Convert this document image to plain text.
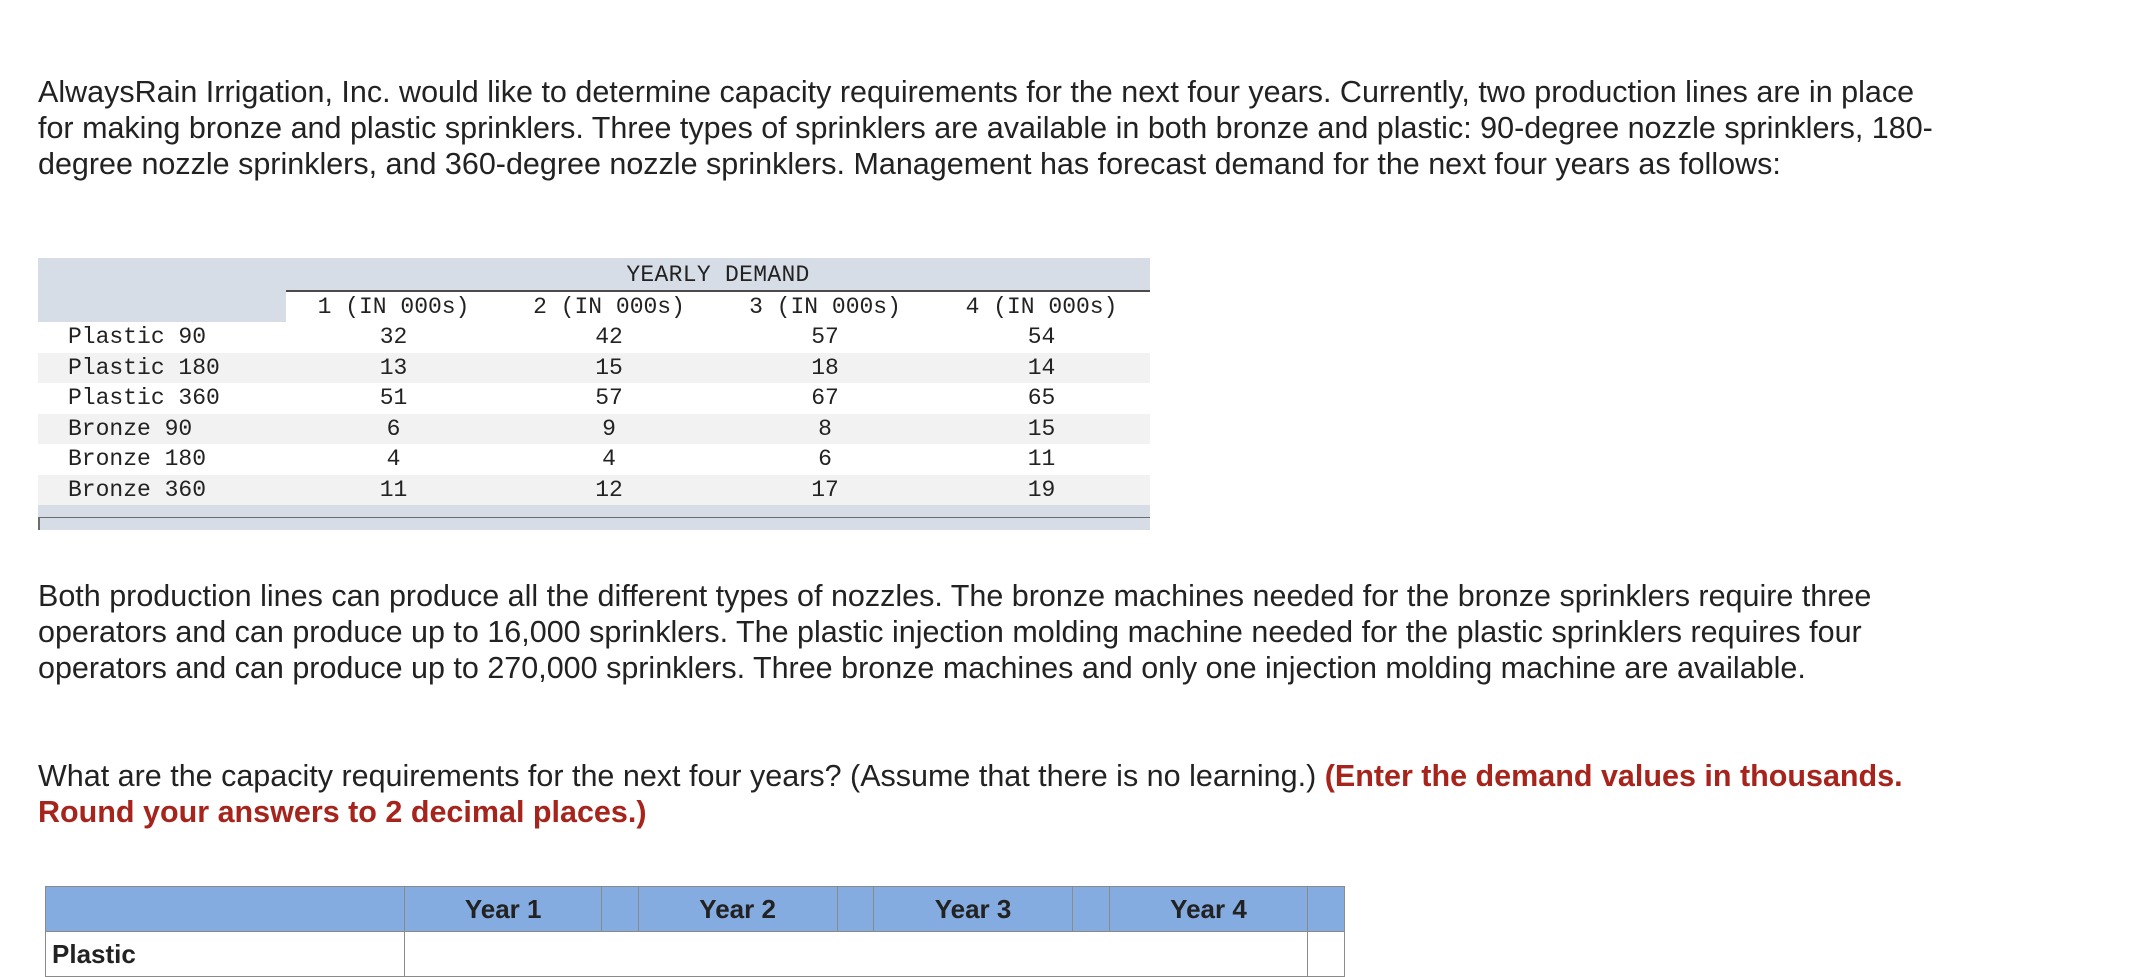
AlwaysRain Irrigation, Inc. would like to determine capacity requirements for the next four years. Currently, two production lines are in place for making bronze and plastic sprinklers. Three types of sprinklers are available in both bronze and plastic: 90-degree nozzle sprinklers, 180-degree nozzle sprinklers, and 360-degree nozzle sprinklers. Management has forecast demand for the next four years as follows:

YEARLY DEMAND
1 (IN 000s)	2 (IN 000s)	3 (IN 000s)	4 (IN 000s)
Plastic 90	32	42	57	54
Plastic 180	13	15	18	14
Plastic 360	51	57	67	65
Bronze 90	6	9	8	15
Bronze 180	4	4	6	11
Bronze 360	11	12	17	19

Both production lines can produce all the different types of nozzles. The bronze machines needed for the bronze sprinklers require three operators and can produce up to 16,000 sprinklers. The plastic injection molding machine needed for the plastic sprinklers requires four operators and can produce up to 270,000 sprinklers. Three bronze machines and only one injection molding machine are available.

What are the capacity requirements for the next four years? (Assume that there is no learning.) (Enter the demand values in thousands. Round your answers to 2 decimal places.)

	Year 1		Year 2		Year 3		Year 4	
Plastic								
